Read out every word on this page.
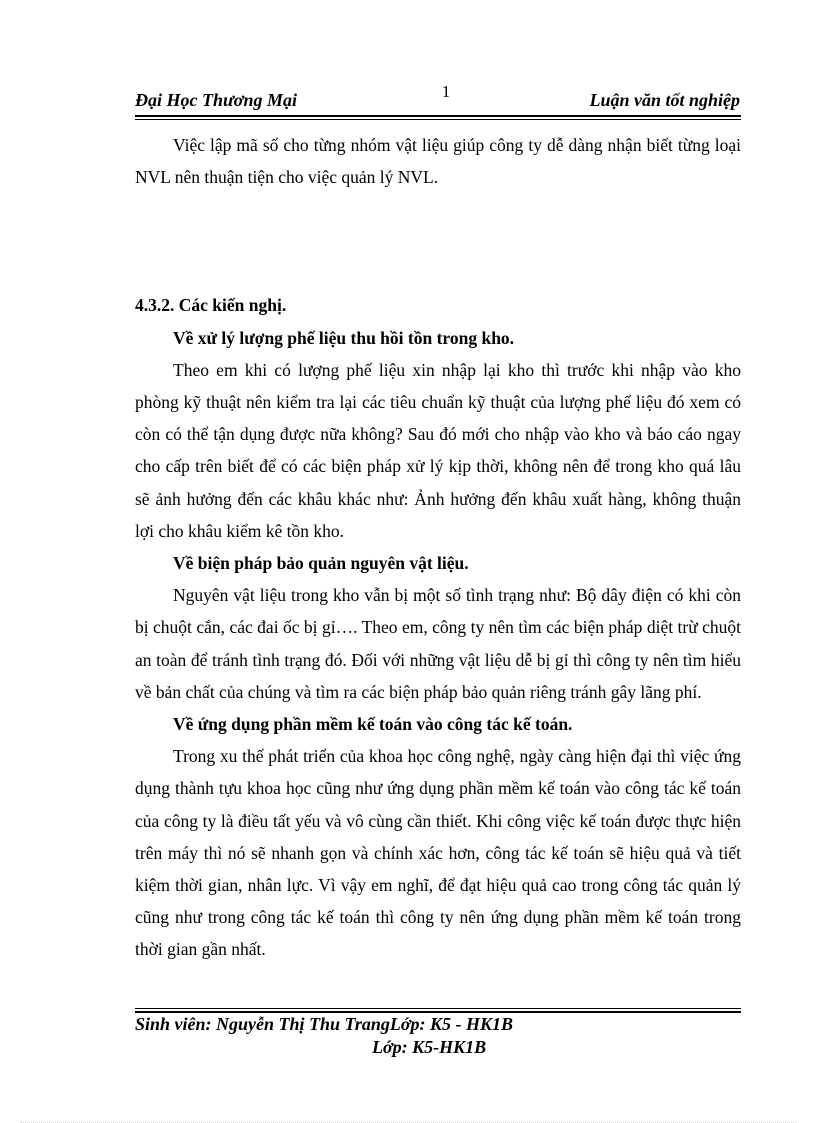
1
Đại Học Thương Mại	Luận văn tốt nghiệp

Việc lập mã số cho từng nhóm vật liệu giúp công ty dễ dàng nhận biết từng loại NVL nên thuận tiện cho việc quản lý NVL.

4.3.2. Các kiến nghị.

Về xử lý lượng phế liệu thu hồi tồn trong kho.

Theo em khi có lượng phế liệu xin nhập lại kho thì trước khi nhập vào kho phòng kỹ thuật nên kiểm tra lại các tiêu chuẩn kỹ thuật của lượng phế liệu đó xem có còn có thể tận dụng được nữa không? Sau đó mới cho nhập vào kho và báo cáo ngay cho cấp trên biết để có các biện pháp xử lý kịp thời, không nên để trong kho quá lâu sẽ ảnh hưởng đến các khâu khác như: Ảnh hưởng đến khâu xuất hàng, không thuận lợi cho khâu kiểm kê tồn kho.

Về biện pháp bảo quản nguyên vật liệu.

Nguyên vật liệu trong kho vẫn bị một số tình trạng như: Bộ dây điện có khi còn bị chuột cắn, các đai ốc bị gỉ…. Theo em, công ty nên tìm các biện pháp diệt trừ chuột an toàn để tránh tình trạng đó. Đối với những vật liệu dễ bị gỉ thì công ty nên tìm hiểu về bản chất của chúng và tìm ra các biện pháp bảo quản riêng tránh gây lãng phí.

Về ứng dụng phần mềm kế toán vào công tác kế toán.

Trong xu thế phát triển của khoa học công nghệ, ngày càng hiện đại thì việc ứng dụng thành tựu khoa học cũng như ứng dụng phần mềm kế toán vào công tác kế toán của công ty là điều tất yếu và vô cùng cần thiết. Khi công việc kế toán được thực hiện trên máy thì nó sẽ nhanh gọn và chính xác hơn, công tác kế toán sẽ hiệu quả và tiết kiệm thời gian, nhân lực. Vì vậy em nghĩ, để đạt hiệu quả cao trong công tác quản lý cũng như trong công tác kế toán thì công ty nên ứng dụng phần mềm kế toán trong thời gian gần nhất.

Sinh viên: Nguyễn Thị Thu TrangLớp: K5 - HK1B
Lớp: K5-HK1B
